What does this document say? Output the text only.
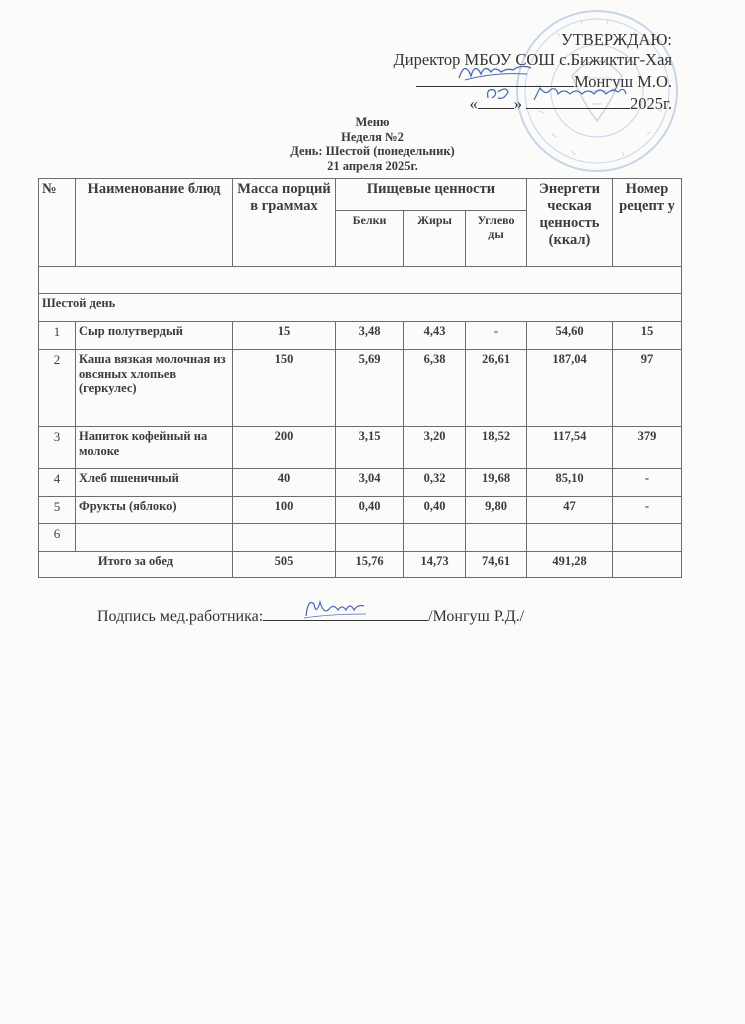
УТВЕРЖДАЮ:
Директор МБОУ СОШ с.Бижиктиг-Хая
Монгуш М.О.
« »	2025г.
Меню
Неделя №2
День: Шестой (понедельник)
21 апреля 2025г.
№	Наименование блюд	Массa порций в граммах	Пищевые ценности			Энергети ческая ценность (ккал)	Номер рецепт у
			Белки	Жиры	Углево ды		

Шестой день							
1	Сыр полутвердый	15	3,48	4,43	-	54,60	15
2	Каша вязкая молочная из овсяных хлопьев (геркулес)	150	5,69	6,38	26,61	187,04	97
3	Напиток кофейный на молоке	200	3,15	3,20	18,52	117,54	379
4	Хлеб пшеничный	40	3,04	0,32	19,68	85,10	-
5	Фрукты (яблоко)	100	0,40	0,40	9,80	47	-
6							
Итого за обед		505	15,76	14,73	74,61	491,28	
Подпись мед.работника:	/Монгуш Р.Д./
